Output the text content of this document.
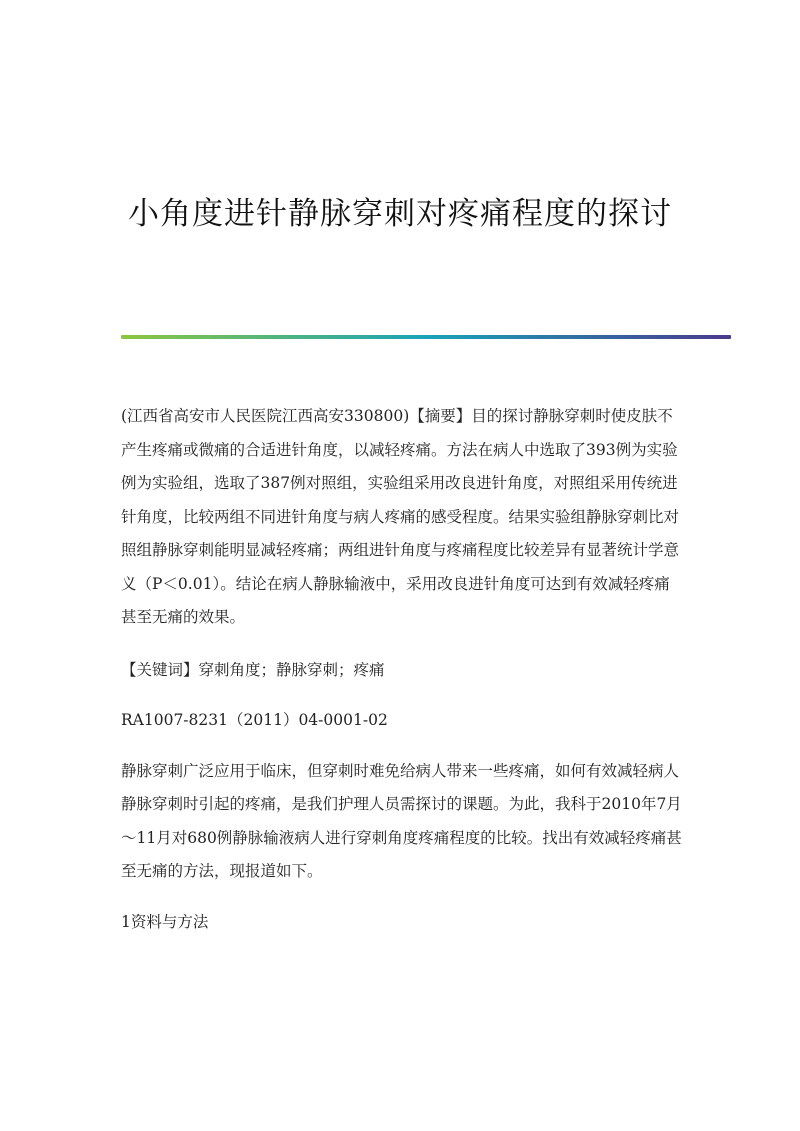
小角度进针静脉穿刺对疼痛程度的探讨

(江西省高安市人民医院江西高安330800)【摘要】目的探讨静脉穿刺时使皮肤不产生疼痛或微痛的合适进针角度，以减轻疼痛。方法在病人中选取了393例为实验例为实验组，选取了387例对照组，实验组采用改良进针角度，对照组采用传统进针角度，比较两组不同进针角度与病人疼痛的感受程度。结果实验组静脉穿刺比对照组静脉穿刺能明显减轻疼痛；两组进针角度与疼痛程度比较差异有显著统计学意义（P＜0.01）。结论在病人静脉输液中，采用改良进针角度可达到有效减轻疼痛甚至无痛的效果。

【关键词】穿刺角度；静脉穿刺；疼痛

RA1007-8231（2011）04-0001-02

静脉穿刺广泛应用于临床，但穿刺时难免给病人带来一些疼痛，如何有效减轻病人静脉穿刺时引起的疼痛，是我们护理人员需探讨的课题。为此，我科于2010年7月～11月对680例静脉输液病人进行穿刺角度疼痛程度的比较。找出有效减轻疼痛甚至无痛的方法，现报道如下。

1资料与方法
